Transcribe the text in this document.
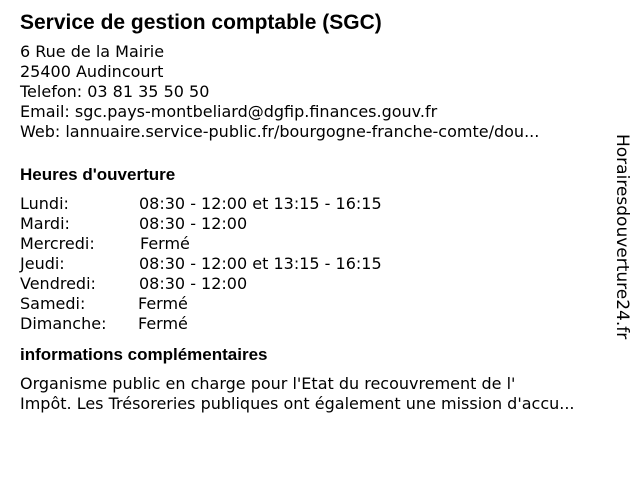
Service de gestion comptable (SGC)
6 Rue de la Mairie
25400 Audincourt
Telefon: 03 81 35 50 50
Email: sgc.pays-montbeliard@dgfip.finances.gouv.fr
Web: lannuaire.service-public.fr/bourgogne-franche-comte/dou...
Heures d'ouverture
Lundi:	08:30 - 12:00 et 13:15 - 16:15
Mardi:	08:30 - 12:00
Mercredi:	Fermé
Jeudi:	08:30 - 12:00 et 13:15 - 16:15
Vendredi:	08:30 - 12:00
Samedi:	Fermé
Dimanche:	Fermé
informations complémentaires
Organisme public en charge pour l'Etat du recouvrement de l'
Impôt. Les Trésoreries publiques ont également une mission d'accu...
Horairesdouverture24.fr
